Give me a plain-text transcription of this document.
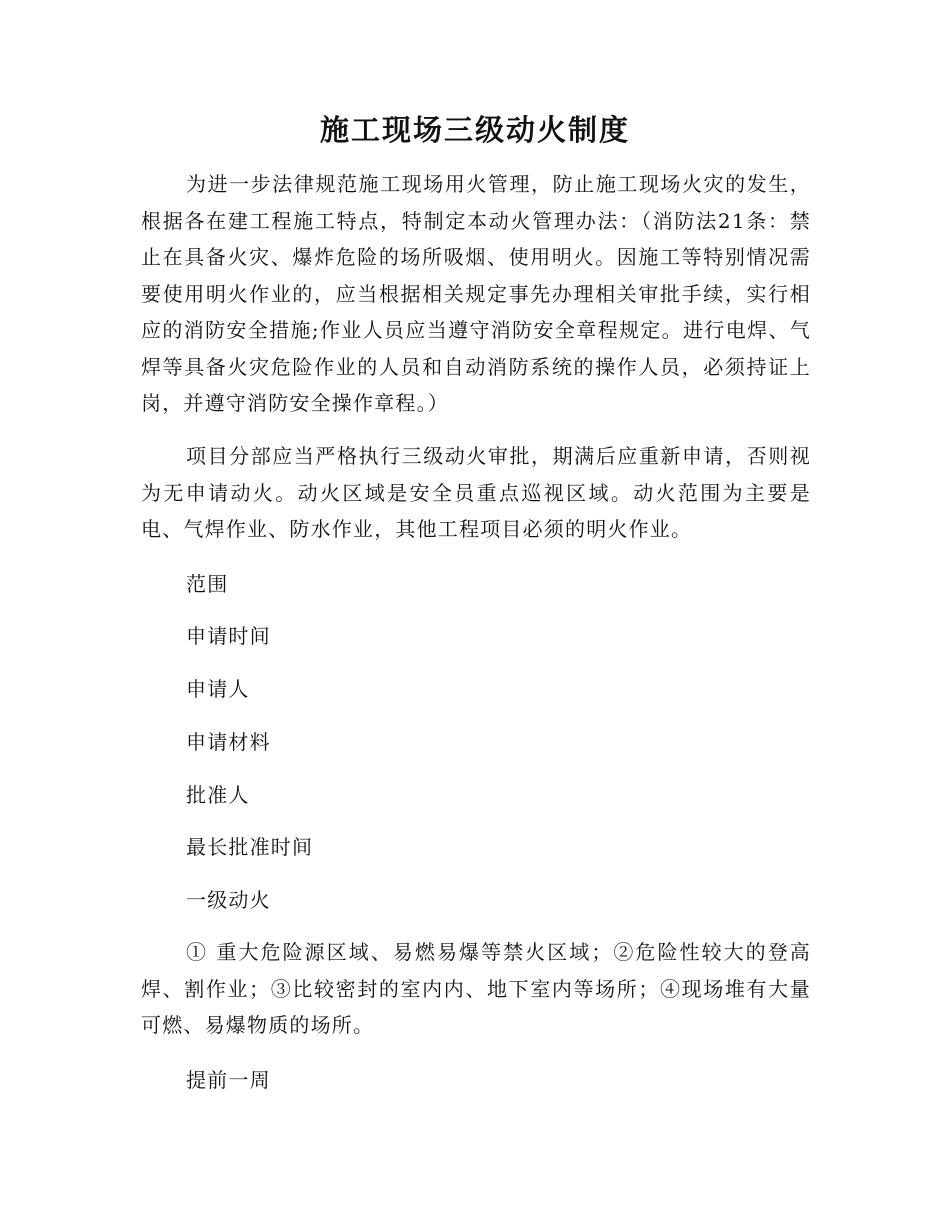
施工现场三级动火制度

为进一步法律规范施工现场用火管理，防止施工现场火灾的发生，根据各在建工程施工特点，特制定本动火管理办法：（消防法21条：禁止在具备火灾、爆炸危险的场所吸烟、使用明火。因施工等特别情况需要使用明火作业的，应当根据相关规定事先办理相关审批手续，实行相应的消防安全措施;作业人员应当遵守消防安全章程规定。进行电焊、气焊等具备火灾危险作业的人员和自动消防系统的操作人员，必须持证上岗，并遵守消防安全操作章程。）

项目分部应当严格执行三级动火审批，期满后应重新申请，否则视为无申请动火。动火区域是安全员重点巡视区域。动火范围为主要是电、气焊作业、防水作业，其他工程项目必须的明火作业。

范围
申请时间
申请人
申请材料
批准人
最长批准时间
一级动火

① 重大危险源区域、易燃易爆等禁火区域；②危险性较大的登高焊、割作业；③比较密封的室内内、地下室内等场所；④现场堆有大量可燃、易爆物质的场所。

提前一周
